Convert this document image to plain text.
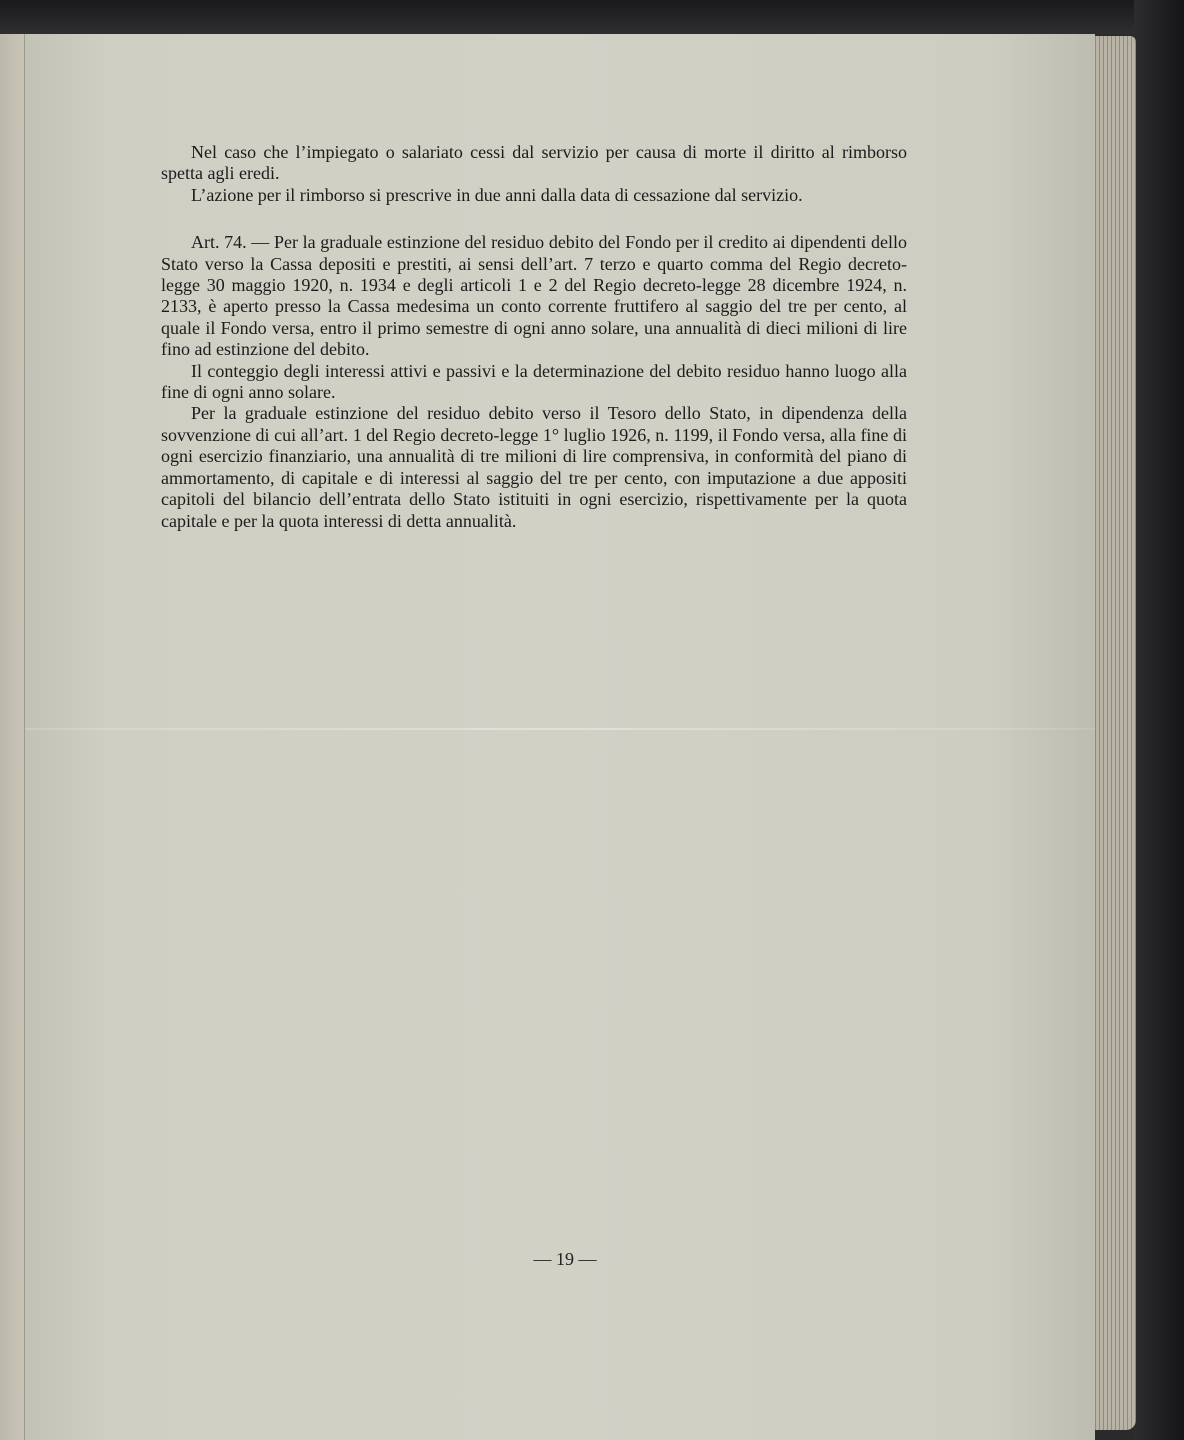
Nel caso che l’impiegato o salariato cessi dal servizio per causa di morte il diritto al rimborso spetta agli eredi.

L’azione per il rimborso si prescrive in due anni dalla data di cessazione dal servizio.

Art. 74. — Per la graduale estinzione del residuo debito del Fondo per il credito ai dipendenti dello Stato verso la Cassa depositi e prestiti, ai sensi dell’art. 7 terzo e quarto comma del Regio decreto-legge 30 maggio 1920, n. 1934 e degli articoli 1 e 2 del Regio decreto-legge 28 dicembre 1924, n. 2133, è aperto presso la Cassa medesima un conto corrente fruttifero al saggio del tre per cento, al quale il Fondo versa, entro il primo semestre di ogni anno solare, una annualità di dieci milioni di lire fino ad estinzione del debito.

Il conteggio degli interessi attivi e passivi e la determinazione del debito residuo hanno luogo alla fine di ogni anno solare.

Per la graduale estinzione del residuo debito verso il Tesoro dello Stato, in dipendenza della sovvenzione di cui all’art. 1 del Regio decreto-legge 1° luglio 1926, n. 1199, il Fondo versa, alla fine di ogni esercizio finanziario, una annualità di tre milioni di lire comprensiva, in conformità del piano di ammortamento, di capitale e di interessi al saggio del tre per cento, con imputazione a due appositi capitoli del bilancio dell’entrata dello Stato istituiti in ogni esercizio, rispettivamente per la quota capitale e per la quota interessi di detta annualità.

— 19 —
